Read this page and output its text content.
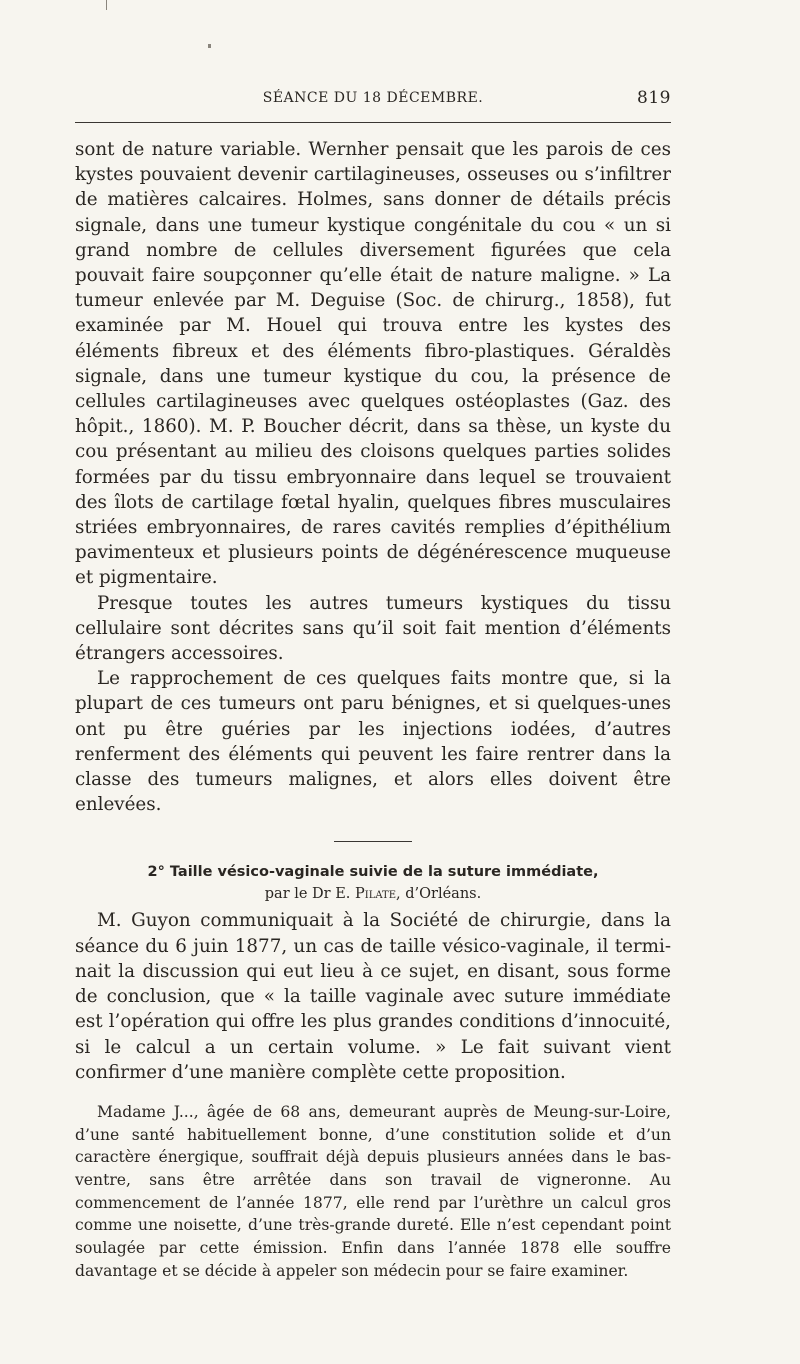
SÉANCE DU 18 DÉCEMBRE.	819

sont de nature variable. Wernher pensait que les parois de ces kystes pouvaient devenir cartilagineuses, osseuses ou s’infiltrer de matières calcaires. Holmes, sans donner de détails précis signale, dans une tumeur kystique congénitale du cou « un si grand nombre de cellules diversement figurées que cela pouvait faire soupçonner qu’elle était de nature maligne. » La tumeur enlevée par M. Deguise (Soc. de chirurg., 1858), fut examinée par M. Houel qui trouva entre les kystes des éléments fibreux et des éléments fibro-plastiques. Géraldès signale, dans une tumeur kystique du cou, la présence de cellules cartilagineuses avec quelques ostéoplastes (Gaz. des hôpit., 1860). M. P. Boucher décrit, dans sa thèse, un kyste du cou présentant au milieu des cloisons quelques parties solides formées par du tissu embryonnaire dans lequel se trouvaient des îlots de cartilage fœtal hyalin, quelques fibres musculaires striées embryonnaires, de rares cavités remplies d’épithélium pavimenteux et plusieurs points de dégénérescence muqueuse et pigmentaire.

Presque toutes les autres tumeurs kystiques du tissu cellulaire sont décrites sans qu’il soit fait mention d’éléments étrangers accessoires.

Le rapprochement de ces quelques faits montre que, si la plupart de ces tumeurs ont paru bénignes, et si quelques-unes ont pu être guéries par les injections iodées, d’autres renferment des éléments qui peuvent les faire rentrer dans la classe des tumeurs malignes, et alors elles doivent être enlevées.

2° Taille vésico-vaginale suivie de la suture immédiate,
par le Dr E. Pilate, d’Orléans.

M. Guyon communiquait à la Société de chirurgie, dans la séance du 6 juin 1877, un cas de taille vésico-vaginale, il terminait la discussion qui eut lieu à ce sujet, en disant, sous forme de conclusion, que « la taille vaginale avec suture immédiate est l’opération qui offre les plus grandes conditions d’innocuité, si le calcul a un certain volume. » Le fait suivant vient confirmer d’une manière complète cette proposition.

Madame J..., âgée de 68 ans, demeurant auprès de Meung-sur-Loire, d’une santé habituellement bonne, d’une constitution solide et d’un caractère énergique, souffrait déjà depuis plusieurs années dans le bas-ventre, sans être arrêtée dans son travail de vigneronne. Au commencement de l’année 1877, elle rend par l’urèthre un calcul gros comme une noisette, d’une très-grande dureté. Elle n’est cependant point soulagée par cette émission. Enfin dans l’année 1878 elle souffre davantage et se décide à appeler son médecin pour se faire examiner.
